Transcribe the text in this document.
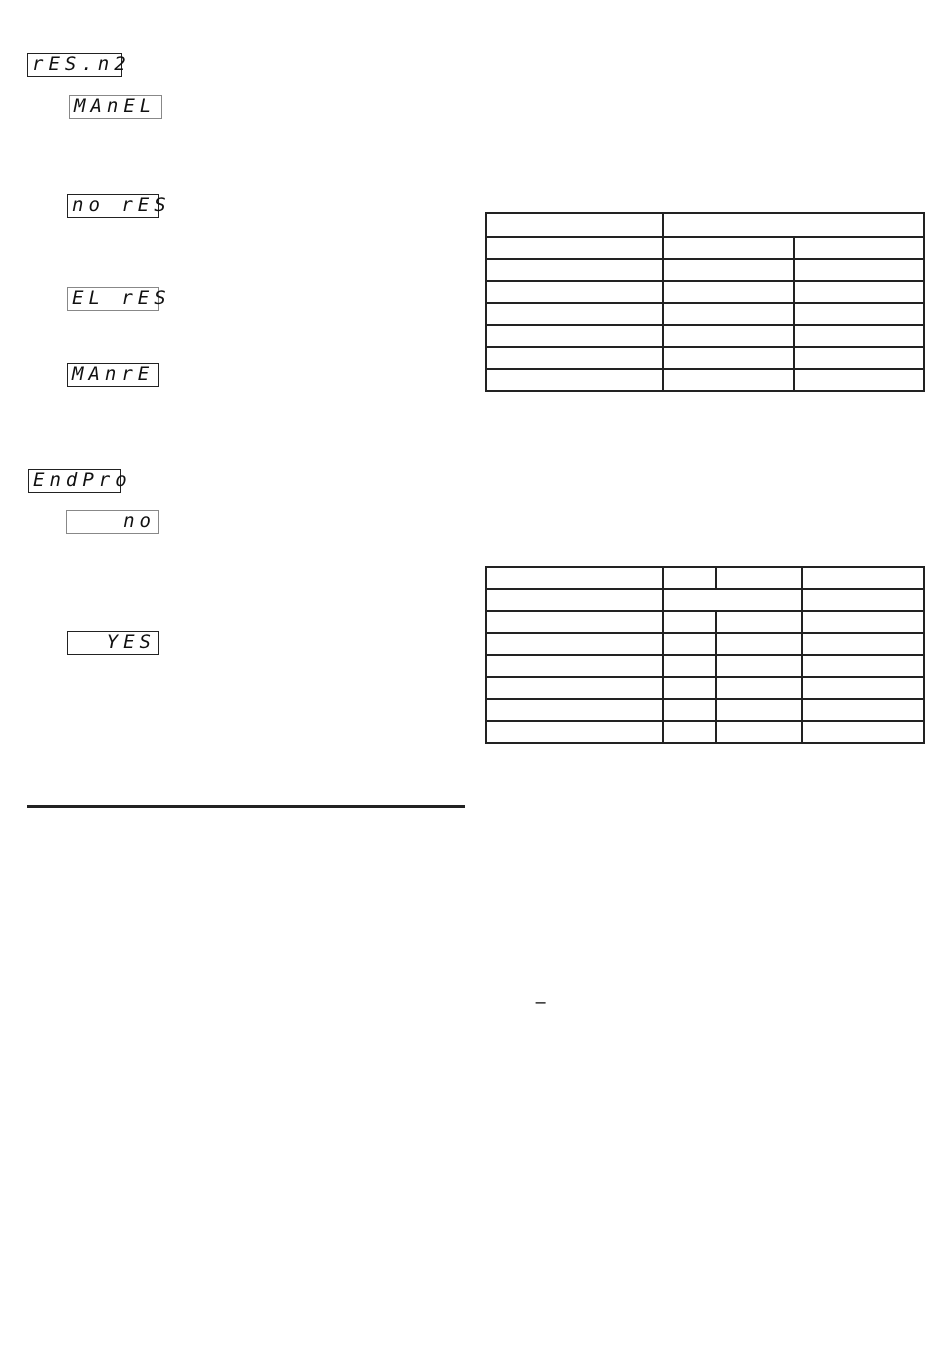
rES.n2
MAnEL
no rES
EL rES
MAnrE
EndPro
no
YES

−
